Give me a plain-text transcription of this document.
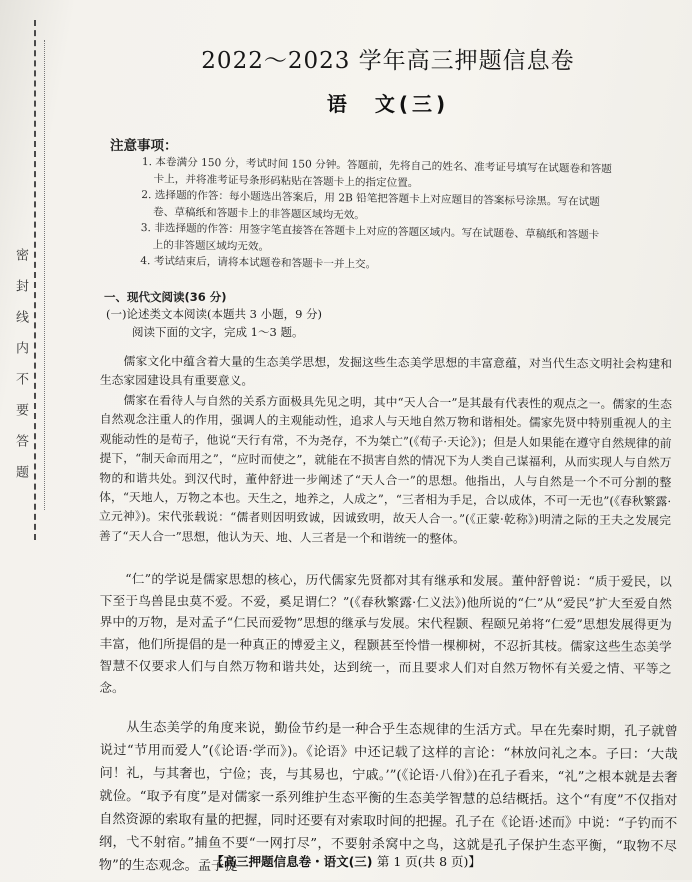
密封线内不要答题
2022～2023 学年高三押题信息卷
语　文(三)
注意事项：
1. 本卷满分 150 分，考试时间 150 分钟。答题前，先将自己的姓名、准考证号填写在试题卷和答题
卡上，并将准考证号条形码粘贴在答题卡上的指定位置。
2. 选择题的作答：每小题选出答案后，用 2B 铅笔把答题卡上对应题目的答案标号涂黑。写在试题
卷、草稿纸和答题卡上的非答题区域均无效。
3. 非选择题的作答：用签字笔直接答在答题卡上对应的答题区域内。写在试题卷、草稿纸和答题卡
上的非答题区域均无效。
4. 考试结束后，请将本试题卷和答题卡一并上交。
一、现代文阅读(36 分)
(一)论述类文本阅读(本题共 3 小题，9 分)
阅读下面的文字，完成 1～3 题。

儒家文化中蕴含着大量的生态美学思想，发掘这些生态美学思想的丰富意蕴，对当代生态文明社会构建和生态家园建设具有重要意义。

儒家在看待人与自然的关系方面极具先见之明，其中“天人合一”是其最有代表性的观点之一。儒家的生态自然观念注重人的作用，强调人的主观能动性，追求人与天地自然万物和谐相处。儒家先贤中特别重视人的主观能动性的是荀子，他说“天行有常，不为尧存，不为桀亡”(《荀子·天论》)；但是人如果能在遵守自然规律的前提下，“制天命而用之”，“应时而使之”，就能在不损害自然的情况下为人类自己谋福利，从而实现人与自然万物的和谐共处。到汉代时，董仲舒进一步阐述了“天人合一”的思想。他指出，人与自然是一个不可分割的整体，“天地人，万物之本也。天生之，地养之，人成之”，“三者相为手足，合以成体，不可一无也”(《春秋繁露·立元神》)。宋代张载说：“儒者则因明致诚，因诚致明，故天人合一。”(《正蒙·乾称》)明清之际的王夫之发展完善了“天人合一”思想，他认为天、地、人三者是一个和谐统一的整体。

“仁”的学说是儒家思想的核心，历代儒家先贤都对其有继承和发展。董仲舒曾说：“质于爱民，以下至于鸟兽昆虫莫不爱。不爱，奚足谓仁？”(《春秋繁露·仁义法》)他所说的“仁”从“爱民”扩大至爱自然界中的万物，是对孟子“仁民而爱物”思想的继承与发展。宋代程颢、程颐兄弟将“仁爱”思想发展得更为丰富，他们所提倡的是一种真正的博爱主义，程颢甚至怜惜一棵柳树，不忍折其枝。儒家这些生态美学智慧不仅要求人们与自然万物和谐共处，达到统一，而且要求人们对自然万物怀有关爱之情、平等之念。

从生态美学的角度来说，勤俭节约是一种合乎生态规律的生活方式。早在先秦时期，孔子就曾说过“节用而爱人”(《论语·学而》)。《论语》中还记载了这样的言论：“林放问礼之本。子曰：‘大哉问！礼，与其奢也，宁俭；丧，与其易也，宁戚。’”(《论语·八佾》)在孔子看来，“礼”之根本就是去奢就俭。“取予有度”是对儒家一系列维护生态平衡的生态美学智慧的总结概括。这个“有度”不仅指对自然资源的索取有量的把握，同时还要有对索取时间的把握。孔子在《论语·述而》中说：“子钓而不纲，弋不射宿。”捕鱼不要“一网打尽”，不要射杀窝中之鸟，这就是孔子保护生态平衡，“取物不尽物”的生态观念。孟子提

【高三押题信息卷・语文(三) 第 1 页(共 8 页)】
